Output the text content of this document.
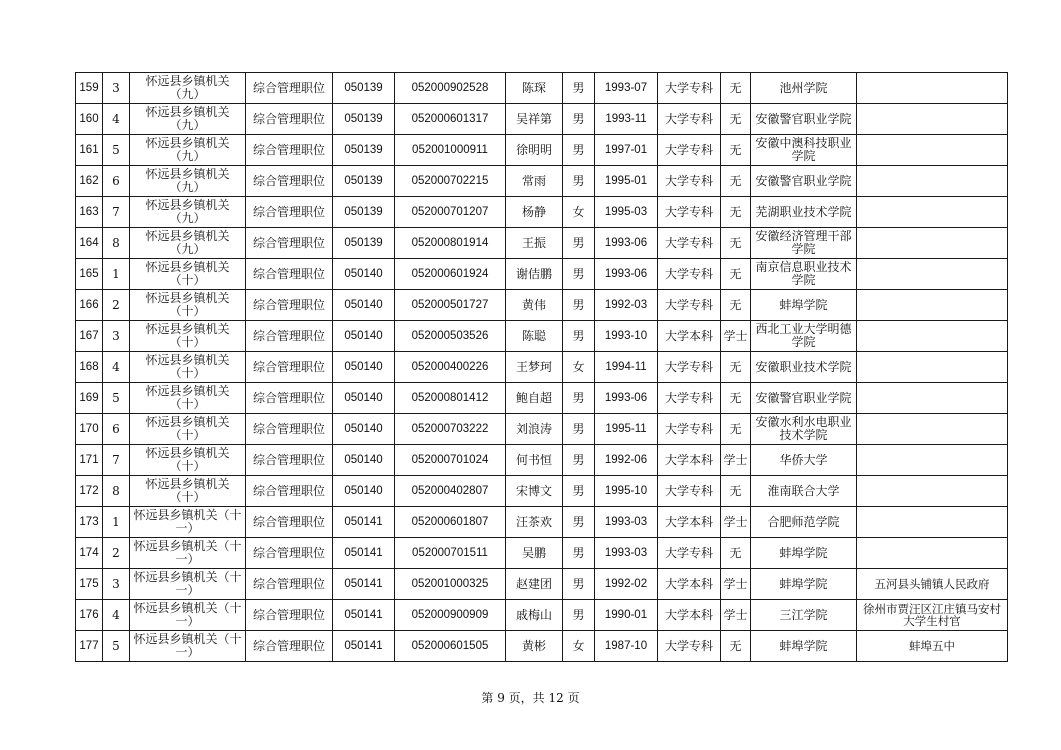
159	3	怀远县乡镇机关（九）	综合管理职位	050139	052000902528	陈琛	男	1993-07	大学专科	无	池州学院	
160	4	怀远县乡镇机关（九）	综合管理职位	050139	052000601317	吴祥第	男	1993-11	大学专科	无	安徽警官职业学院	
161	5	怀远县乡镇机关（九）	综合管理职位	050139	052001000911	徐明明	男	1997-01	大学专科	无	安徽中澳科技职业学院	
162	6	怀远县乡镇机关（九）	综合管理职位	050139	052000702215	常雨	男	1995-01	大学专科	无	安徽警官职业学院	
163	7	怀远县乡镇机关（九）	综合管理职位	050139	052000701207	杨静	女	1995-03	大学专科	无	芜湖职业技术学院	
164	8	怀远县乡镇机关（九）	综合管理职位	050139	052000801914	王振	男	1993-06	大学专科	无	安徽经济管理干部学院	
165	1	怀远县乡镇机关（十）	综合管理职位	050140	052000601924	谢佶鹏	男	1993-06	大学专科	无	南京信息职业技术学院	
166	2	怀远县乡镇机关（十）	综合管理职位	050140	052000501727	黄伟	男	1992-03	大学专科	无	蚌埠学院	
167	3	怀远县乡镇机关（十）	综合管理职位	050140	052000503526	陈聪	男	1993-10	大学本科	学士	西北工业大学明德学院	
168	4	怀远县乡镇机关（十）	综合管理职位	050140	052000400226	王梦珂	女	1994-11	大学专科	无	安徽职业技术学院	
169	5	怀远县乡镇机关（十）	综合管理职位	050140	052000801412	鲍自超	男	1993-06	大学专科	无	安徽警官职业学院	
170	6	怀远县乡镇机关（十）	综合管理职位	050140	052000703222	刘浪涛	男	1995-11	大学专科	无	安徽水利水电职业技术学院	
171	7	怀远县乡镇机关（十）	综合管理职位	050140	052000701024	何书恒	男	1992-06	大学本科	学士	华侨大学	
172	8	怀远县乡镇机关（十）	综合管理职位	050140	052000402807	宋博文	男	1995-10	大学专科	无	淮南联合大学	
173	1	怀远县乡镇机关（十一）	综合管理职位	050141	052000601807	汪茶欢	男	1993-03	大学本科	学士	合肥师范学院	
174	2	怀远县乡镇机关（十一）	综合管理职位	050141	052000701511	吴鹏	男	1993-03	大学专科	无	蚌埠学院	
175	3	怀远县乡镇机关（十一）	综合管理职位	050141	052001000325	赵建团	男	1992-02	大学本科	学士	蚌埠学院	五河县头铺镇人民政府
176	4	怀远县乡镇机关（十一）	综合管理职位	050141	052000900909	戚梅山	男	1990-01	大学本科	学士	三江学院	徐州市贾汪区江庄镇马安村大学生村官
177	5	怀远县乡镇机关（十一）	综合管理职位	050141	052000601505	黄彬	女	1987-10	大学专科	无	蚌埠学院	蚌埠五中
第 9 页，共 12 页
